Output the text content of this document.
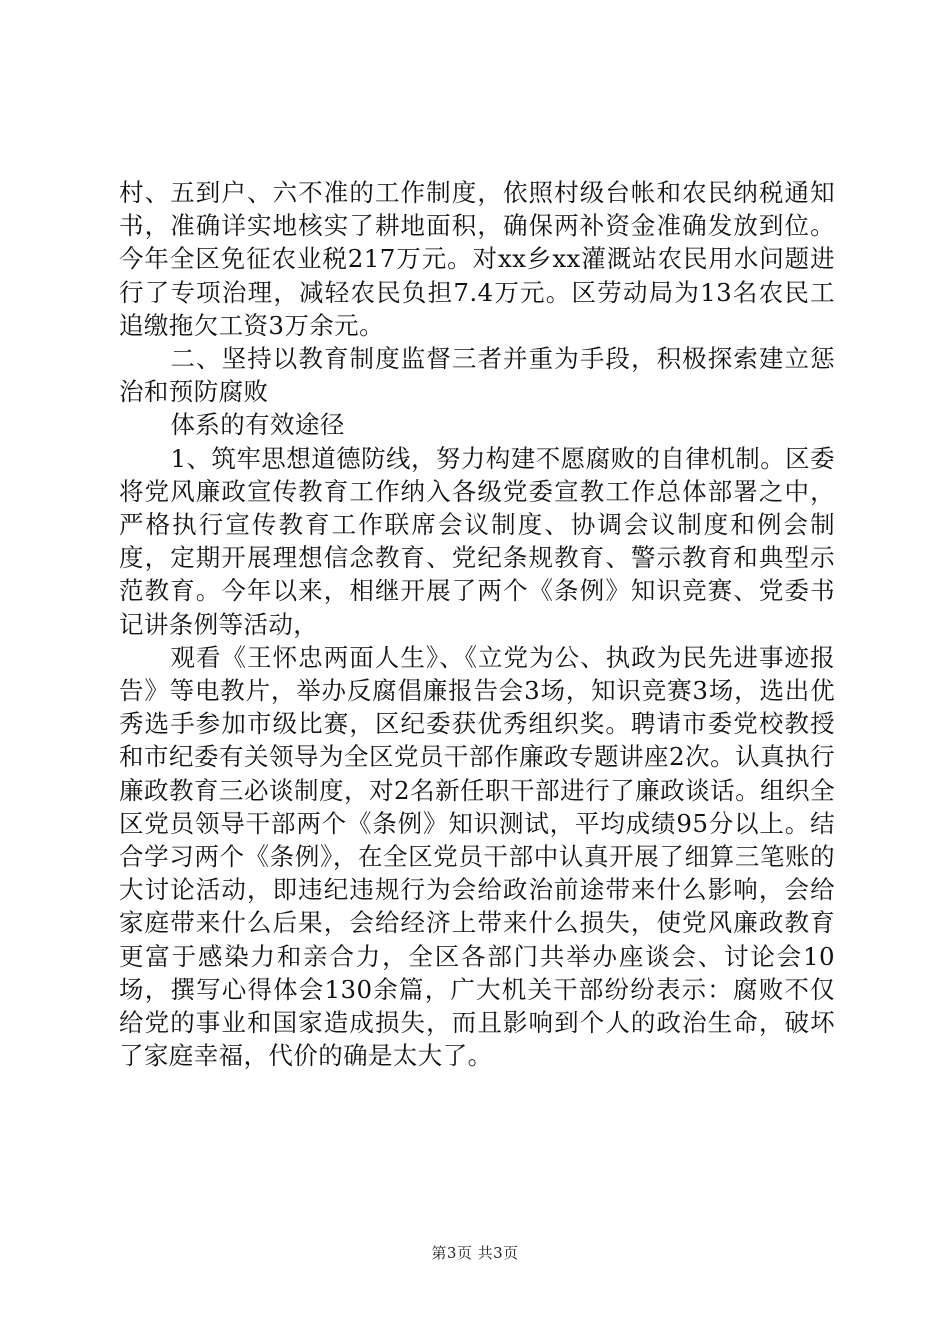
村、五到户、六不准的工作制度，依照村级台帐和农民纳税通知书，准确详实地核实了耕地面积，确保两补资金准确发放到位。今年全区免征农业税217万元。对xx乡xx灌溉站农民用水问题进行了专项治理，减轻农民负担7.4万元。区劳动局为13名农民工追缴拖欠工资3万余元。

二、坚持以教育制度监督三者并重为手段，积极探索建立惩治和预防腐败

体系的有效途径

1、筑牢思想道德防线，努力构建不愿腐败的自律机制。区委将党风廉政宣传教育工作纳入各级党委宣教工作总体部署之中，严格执行宣传教育工作联席会议制度、协调会议制度和例会制度，定期开展理想信念教育、党纪条规教育、警示教育和典型示范教育。今年以来，相继开展了两个《条例》知识竞赛、党委书记讲条例等活动，

观看《王怀忠两面人生》、《立党为公、执政为民先进事迹报告》等电教片，举办反腐倡廉报告会3场，知识竞赛3场，选出优秀选手参加市级比赛，区纪委获优秀组织奖。聘请市委党校教授和市纪委有关领导为全区党员干部作廉政专题讲座2次。认真执行廉政教育三必谈制度，对2名新任职干部进行了廉政谈话。组织全区党员领导干部两个《条例》知识测试，平均成绩95分以上。结合学习两个《条例》，在全区党员干部中认真开展了细算三笔账的大讨论活动，即违纪违规行为会给政治前途带来什么影响，会给家庭带来什么后果，会给经济上带来什么损失，使党风廉政教育更富于感染力和亲合力，全区各部门共举办座谈会、讨论会10场，撰写心得体会130余篇，广大机关干部纷纷表示：腐败不仅给党的事业和国家造成损失，而且影响到个人的政治生命，破坏了家庭幸福，代价的确是太大了。

第3页 共3页
